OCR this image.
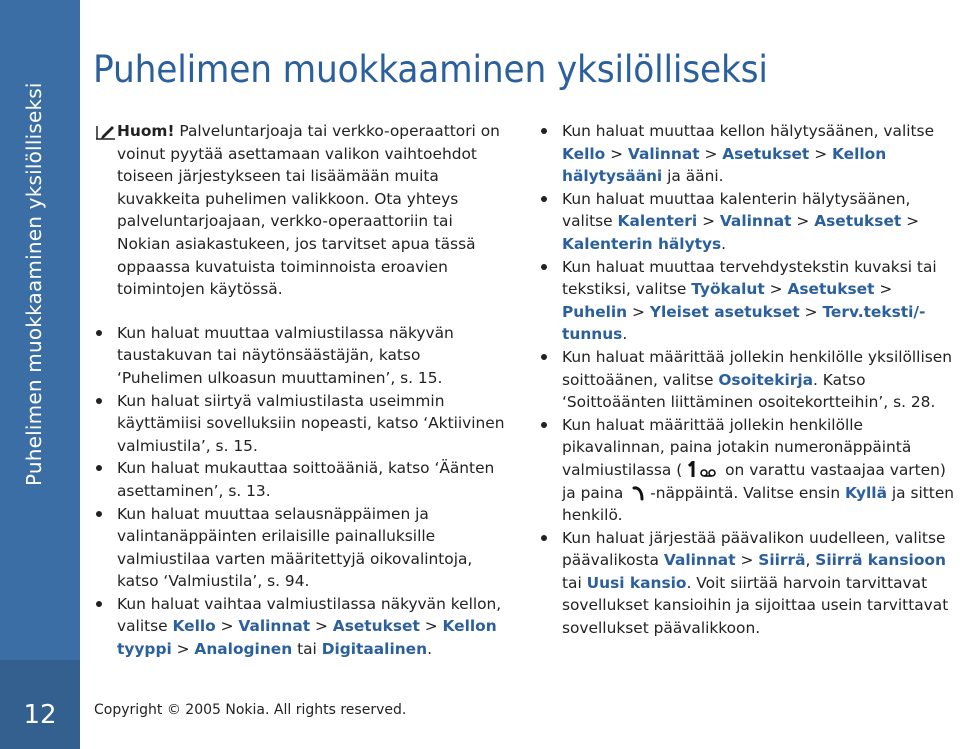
Puhelimen muokkaaminen yksilölliseksi
12
Puhelimen muokkaaminen yksilölliseksi
Huom! Palveluntarjoaja tai verkko-operaattori on voinut pyytää asettamaan valikon vaihtoehdot toiseen järjestykseen tai lisäämään muita kuvakkeita puhelimen valikkoon. Ota yhteys palveluntarjoajaan, verkko-operaattoriin tai Nokian asiakastukeen, jos tarvitset apua tässä oppaassa kuvatuista toiminnoista eroavien toimintojen käytössä.
Kun haluat muuttaa valmiustilassa näkyvän taustakuvan tai näytönsäästäjän, katso ‘Puhelimen ulkoasun muuttaminen’, s. 15.
Kun haluat siirtyä valmiustilasta useimmin käyttämiisi sovelluksiin nopeasti, katso ‘Aktiivinen valmiustila’, s. 15.
Kun haluat mukauttaa soittoääniä, katso ‘Äänten asettaminen’, s. 13.
Kun haluat muuttaa selausnäppäimen ja valintanäppäinten erilaisille painalluksille valmiustilaa varten määritettyjä oikovalintoja, katso ‘Valmiustila’, s. 94.
Kun haluat vaihtaa valmiustilassa näkyvän kellon, valitse Kello > Valinnat > Asetukset > Kellon tyyppi > Analoginen tai Digitaalinen.
Kun haluat muuttaa kellon hälytysäänen, valitse Kello > Valinnat > Asetukset > Kellon hälytysääni ja ääni.
Kun haluat muuttaa kalenterin hälytysäänen, valitse Kalenteri > Valinnat > Asetukset > Kalenterin hälytys.
Kun haluat muuttaa tervehdystekstin kuvaksi tai tekstiksi, valitse Työkalut > Asetukset > Puhelin > Yleiset asetukset > Terv.teksti/-tunnus.
Kun haluat määrittää jollekin henkilölle yksilöllisen soittoäänen, valitse Osoitekirja. Katso ‘Soittoäänten liittäminen osoitekortteihin’, s. 28.
Kun haluat määrittää jollekin henkilölle pikavalinnan, paina jotakin numeronäppäintä valmiustilassa ( on varattu vastaajaa varten) ja paina -näppäintä. Valitse ensin Kyllä ja sitten henkilö.
Kun haluat järjestää päävalikon uudelleen, valitse päävalikosta Valinnat > Siirrä, Siirrä kansioon tai Uusi kansio. Voit siirtää harvoin tarvittavat sovellukset kansioihin ja sijoittaa usein tarvittavat sovellukset päävalikkoon.
Copyright © 2005 Nokia. All rights reserved.
